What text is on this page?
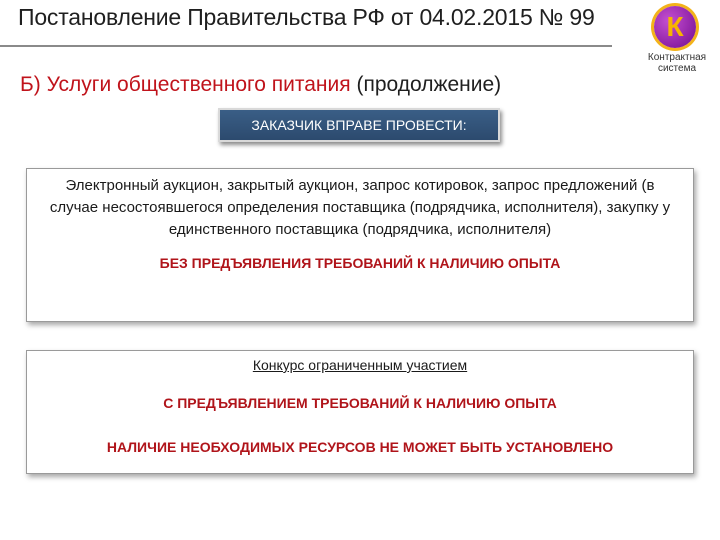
Постановление Правительства РФ от 04.02.2015 № 99	К
Контрактная
система
Б) Услуги общественного питания (продолжение)
ЗАКАЗЧИК ВПРАВЕ ПРОВЕСТИ:
Электронный аукцион, закрытый аукцион, запрос котировок, запрос предложений (в случае несостоявшегося определения поставщика (подрядчика, исполнителя), закупку у единственного поставщика (подрядчика, исполнителя)
БЕЗ ПРЕДЪЯВЛЕНИЯ ТРЕБОВАНИЙ К НАЛИЧИЮ ОПЫТА
Конкурс ограниченным участием
С ПРЕДЪЯВЛЕНИЕМ ТРЕБОВАНИЙ К НАЛИЧИЮ ОПЫТА
НАЛИЧИЕ НЕОБХОДИМЫХ РЕСУРСОВ НЕ МОЖЕТ БЫТЬ УСТАНОВЛЕНО
